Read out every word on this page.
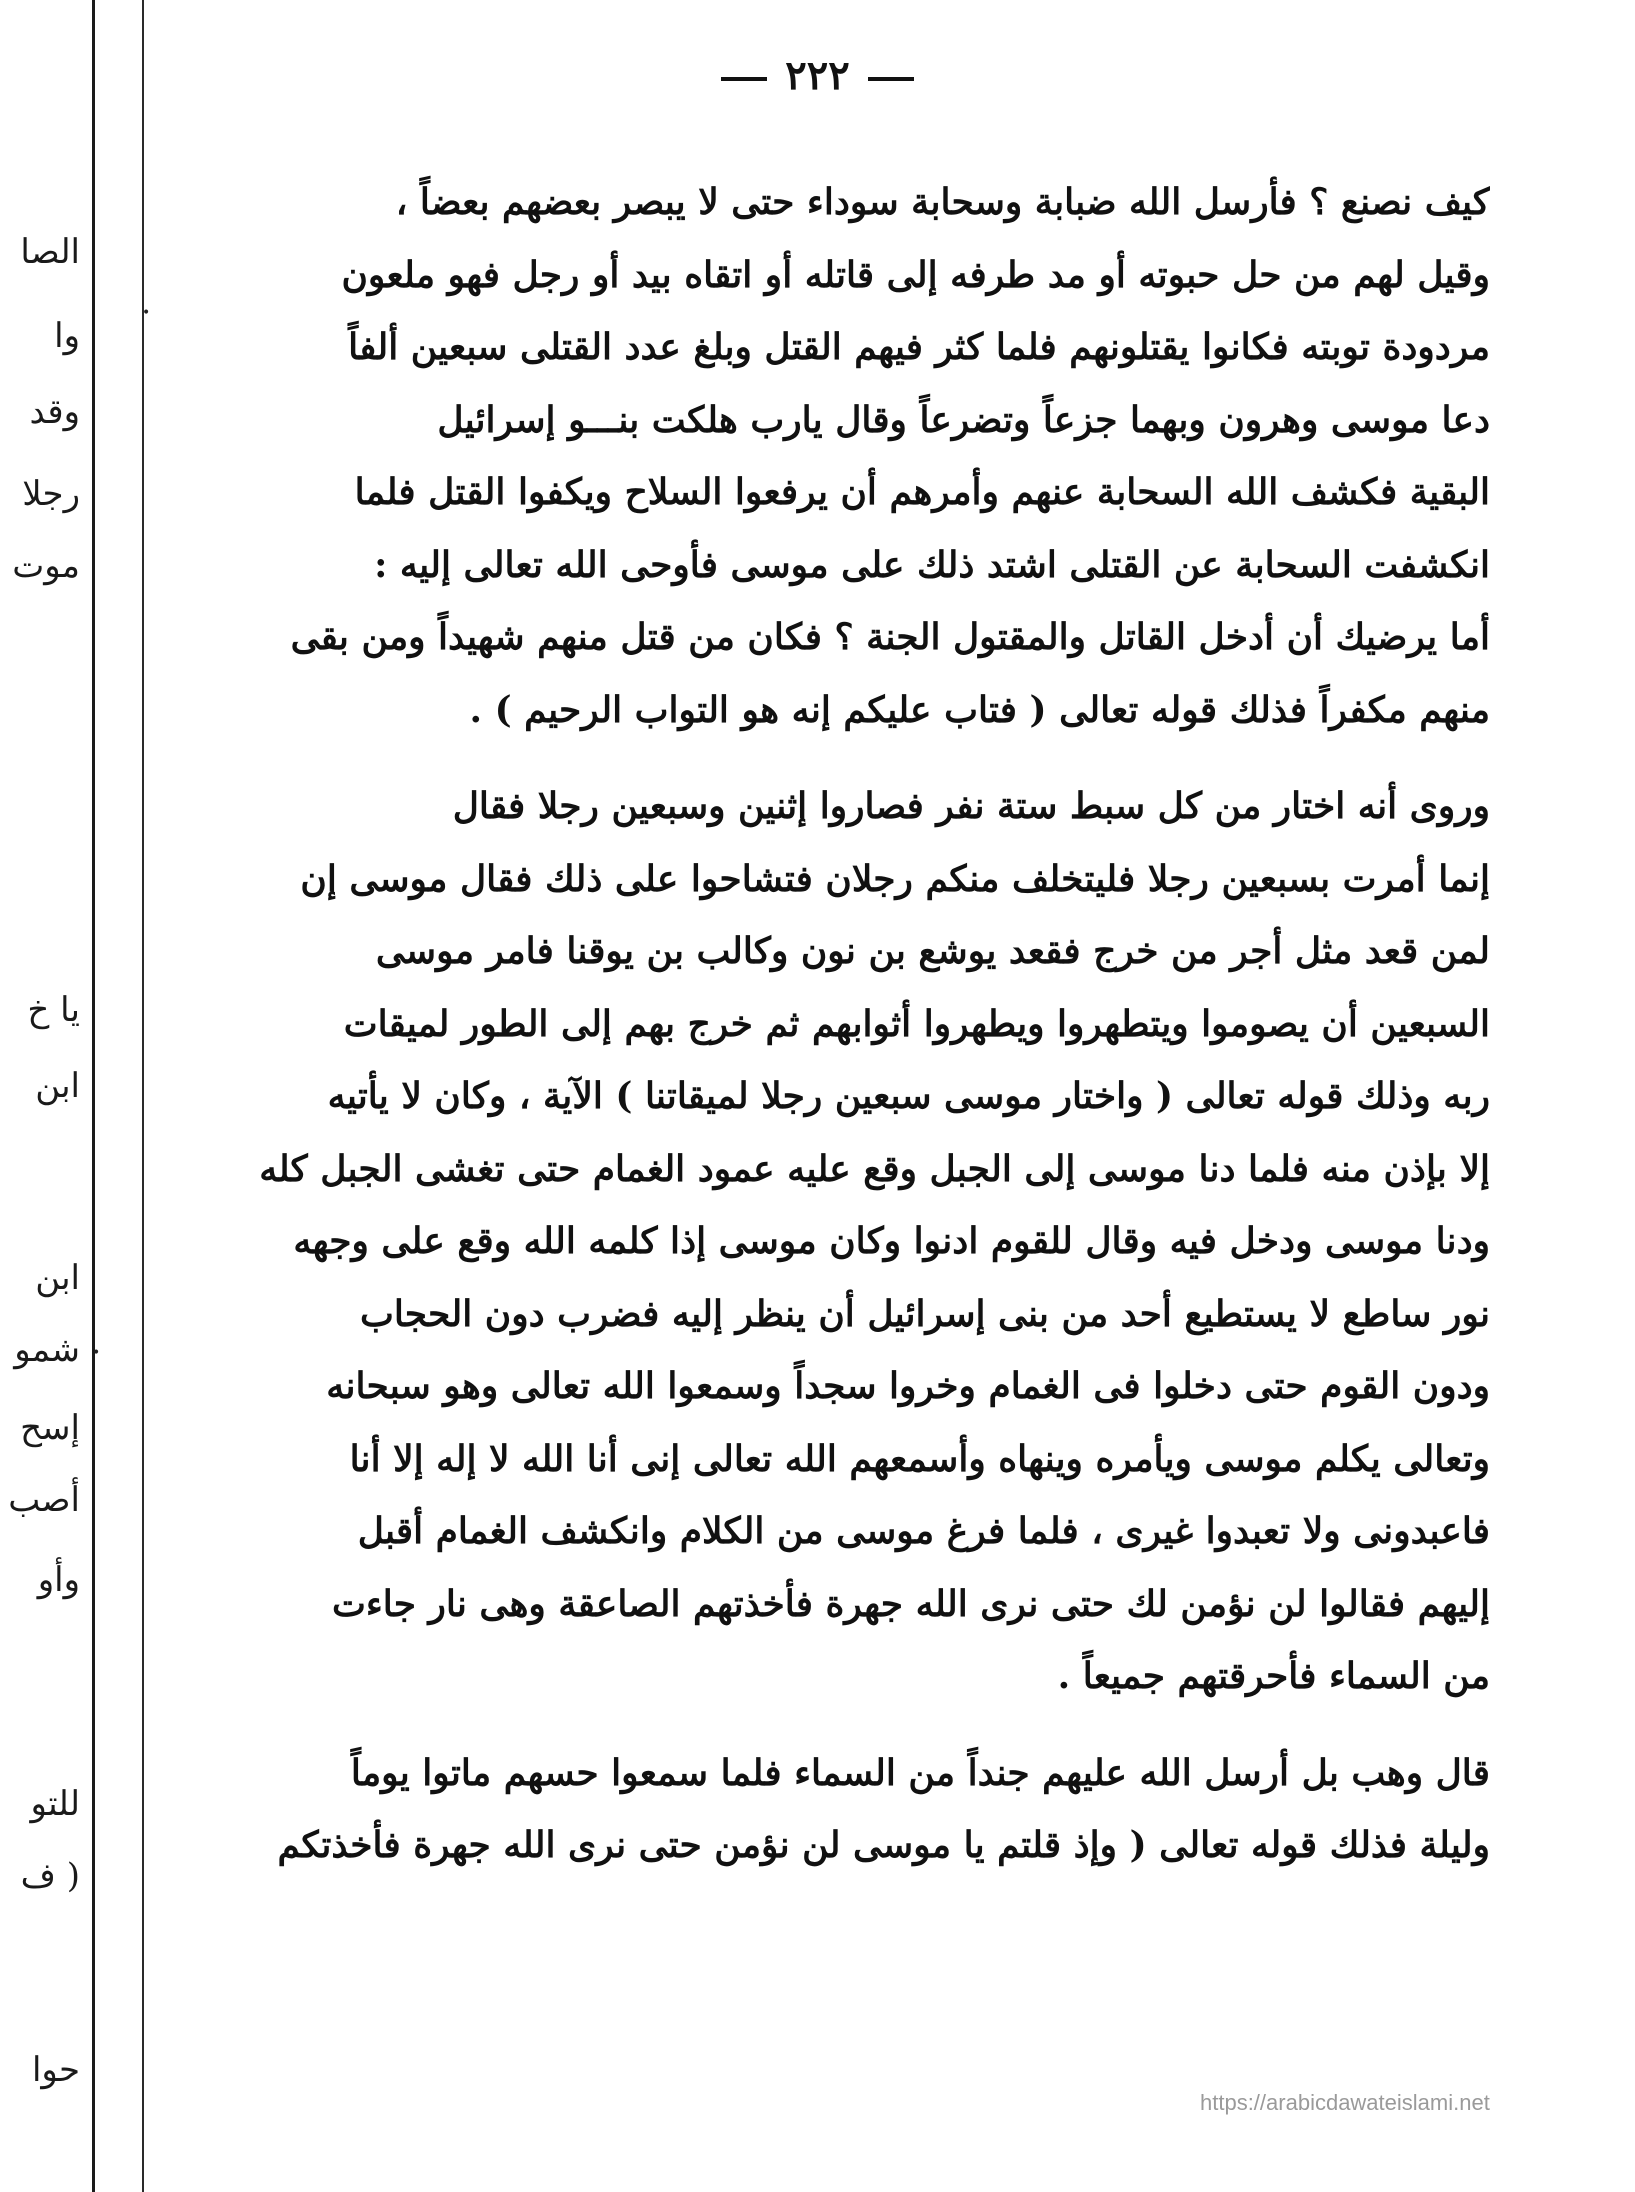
الصا
وا
وقد
رجلا
موت
يا خ
ابن
ابن
شمو
إسح
أصب
وأو
للتو
( ف
حوا
•
•
٢٢٢

كيف نصنع ؟ فأرسل الله ضبابة وسحابة سوداء حتى لا يبصر بعضهم بعضاً ،
وقيل لهم من حل حبوته أو مد طرفه إلى قاتله أو اتقاه بيد أو رجل فهو ملعون
مردودة توبته فكانوا يقتلونهم فلما كثر فيهم القتل وبلغ عدد القتلى سبعين ألفاً
دعا موسى وهرون وبهما جزعاً وتضرعاً وقال يارب هلكت بنـــو إسرائيل
البقية فكشف الله السحابة عنهم وأمرهم أن يرفعوا السلاح ويكفوا القتل فلما
انكشفت السحابة عن القتلى اشتد ذلك على موسى فأوحى الله تعالى إليه :
أما يرضيك أن أدخل القاتل والمقتول الجنة ؟ فكان من قتل منهم شهيداً ومن بقى
منهم مكفراً فذلك قوله تعالى ( فتاب عليكم إنه هو التواب الرحيم ) .

وروى أنه اختار من كل سبط ستة نفر فصاروا إثنين وسبعين رجلا فقال
إنما أمرت بسبعين رجلا فليتخلف منكم رجلان فتشاحوا على ذلك فقال موسى إن
لمن قعد مثل أجر من خرج فقعد يوشع بن نون وكالب بن يوقنا فامر موسى
السبعين أن يصوموا ويتطهروا ويطهروا أثوابهم ثم خرج بهم إلى الطور لميقات
ربه وذلك قوله تعالى ( واختار موسى سبعين رجلا لميقاتنا ) الآية ، وكان لا يأتيه
إلا بإذن منه فلما دنا موسى إلى الجبل وقع عليه عمود الغمام حتى تغشى الجبل كله
ودنا موسى ودخل فيه وقال للقوم ادنوا وكان موسى إذا كلمه الله وقع على وجهه
نور ساطع لا يستطيع أحد من بنى إسرائيل أن ينظر إليه فضرب دون الحجاب
ودون القوم حتى دخلوا فى الغمام وخروا سجداً وسمعوا الله تعالى وهو سبحانه
وتعالى يكلم موسى ويأمره وينهاه وأسمعهم الله تعالى إنى أنا الله لا إله إلا أنا
فاعبدونى ولا تعبدوا غيرى ، فلما فرغ موسى من الكلام وانكشف الغمام أقبل
إليهم فقالوا لن نؤمن لك حتى نرى الله جهرة فأخذتهم الصاعقة وهى نار جاءت
من السماء فأحرقتهم جميعاً .

قال وهب بل أرسل الله عليهم جنداً من السماء فلما سمعوا حسهم ماتوا يوماً
وليلة فذلك قوله تعالى ( وإذ قلتم يا موسى لن نؤمن حتى نرى الله جهرة فأخذتكم

https://arabicdawateislami.net
